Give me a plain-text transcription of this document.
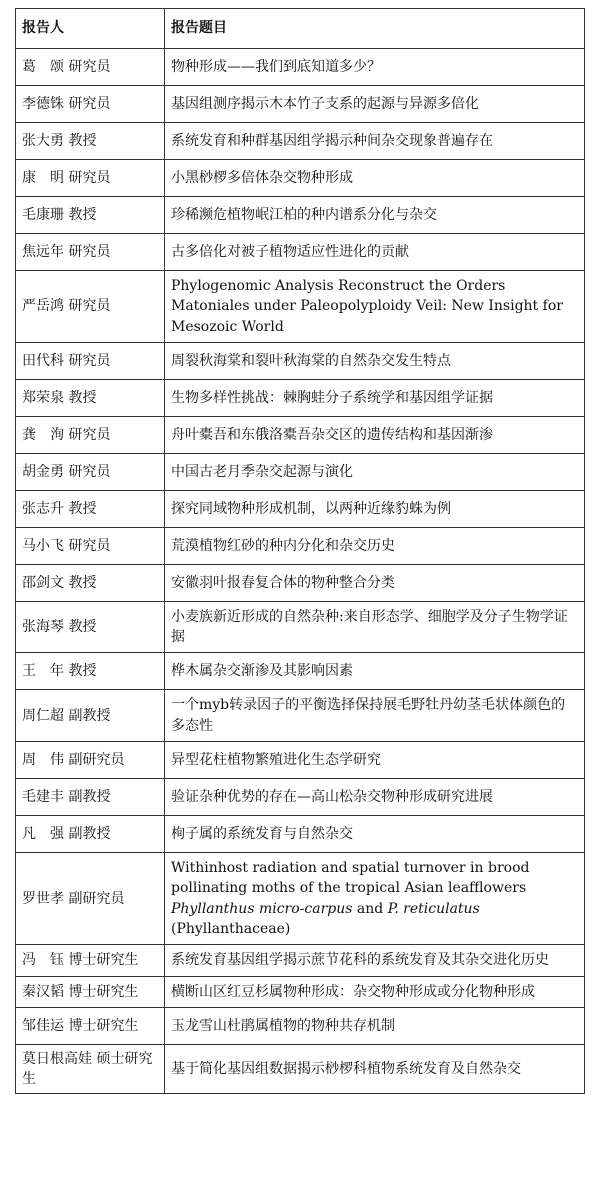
报告人	报告题目
葛　颂 研究员	物种形成——我们到底知道多少？
李德铢 研究员	基因组测序揭示木本竹子支系的起源与异源多倍化
张大勇 教授	系统发育和种群基因组学揭示种间杂交现象普遍存在
康　明 研究员	小黑桫椤多倍体杂交物种形成
毛康珊 教授	珍稀濒危植物岷江柏的种内谱系分化与杂交
焦远年 研究员	古多倍化对被子植物适应性进化的贡献
严岳鸿 研究员	Phylogenomic Analysis Reconstruct the Orders Matoniales under Paleopolyploidy Veil: New Insight for Mesozoic World
田代科 研究员	周裂秋海棠和裂叶秋海棠的自然杂交发生特点
郑荣泉 教授	生物多样性挑战：棘胸蛙分子系统学和基因组学证据
龚　洵 研究员	舟叶橐吾和东俄洛橐吾杂交区的遗传结构和基因渐渗
胡金勇 研究员	中国古老月季杂交起源与演化
张志升 教授	探究同域物种形成机制，以两种近缘豹蛛为例
马小飞 研究员	荒漠植物红砂的种内分化和杂交历史
邵剑文 教授	安徽羽叶报春复合体的物种整合分类
张海琴 教授	小麦族新近形成的自然杂种:来自形态学、细胞学及分子生物学证据
王　年 教授	桦木属杂交渐渗及其影响因素
周仁超 副教授	一个myb转录因子的平衡选择保持展毛野牡丹幼茎毛状体颜色的多态性
周　伟 副研究员	异型花柱植物繁殖进化生态学研究
毛建丰 副教授	验证杂种优势的存在—高山松杂交物种形成研究进展
凡　强 副教授	栒子属的系统发育与自然杂交
罗世孝 副研究员	Withinhost radiation and spatial turnover in brood pollinating moths of the tropical Asian leafflowers Phyllanthus micro-carpus and P. reticulatus (Phyllanthaceae)
冯　钰 博士研究生	系统发育基因组学揭示蔗节花科的系统发育及其杂交进化历史
秦汉韬 博士研究生	横断山区红豆杉属物种形成：杂交物种形成或分化物种形成
邹佳运 博士研究生	玉龙雪山杜鹃属植物的物种共存机制
莫日根高娃 硕士研究生	基于简化基因组数据揭示桫椤科植物系统发育及自然杂交
